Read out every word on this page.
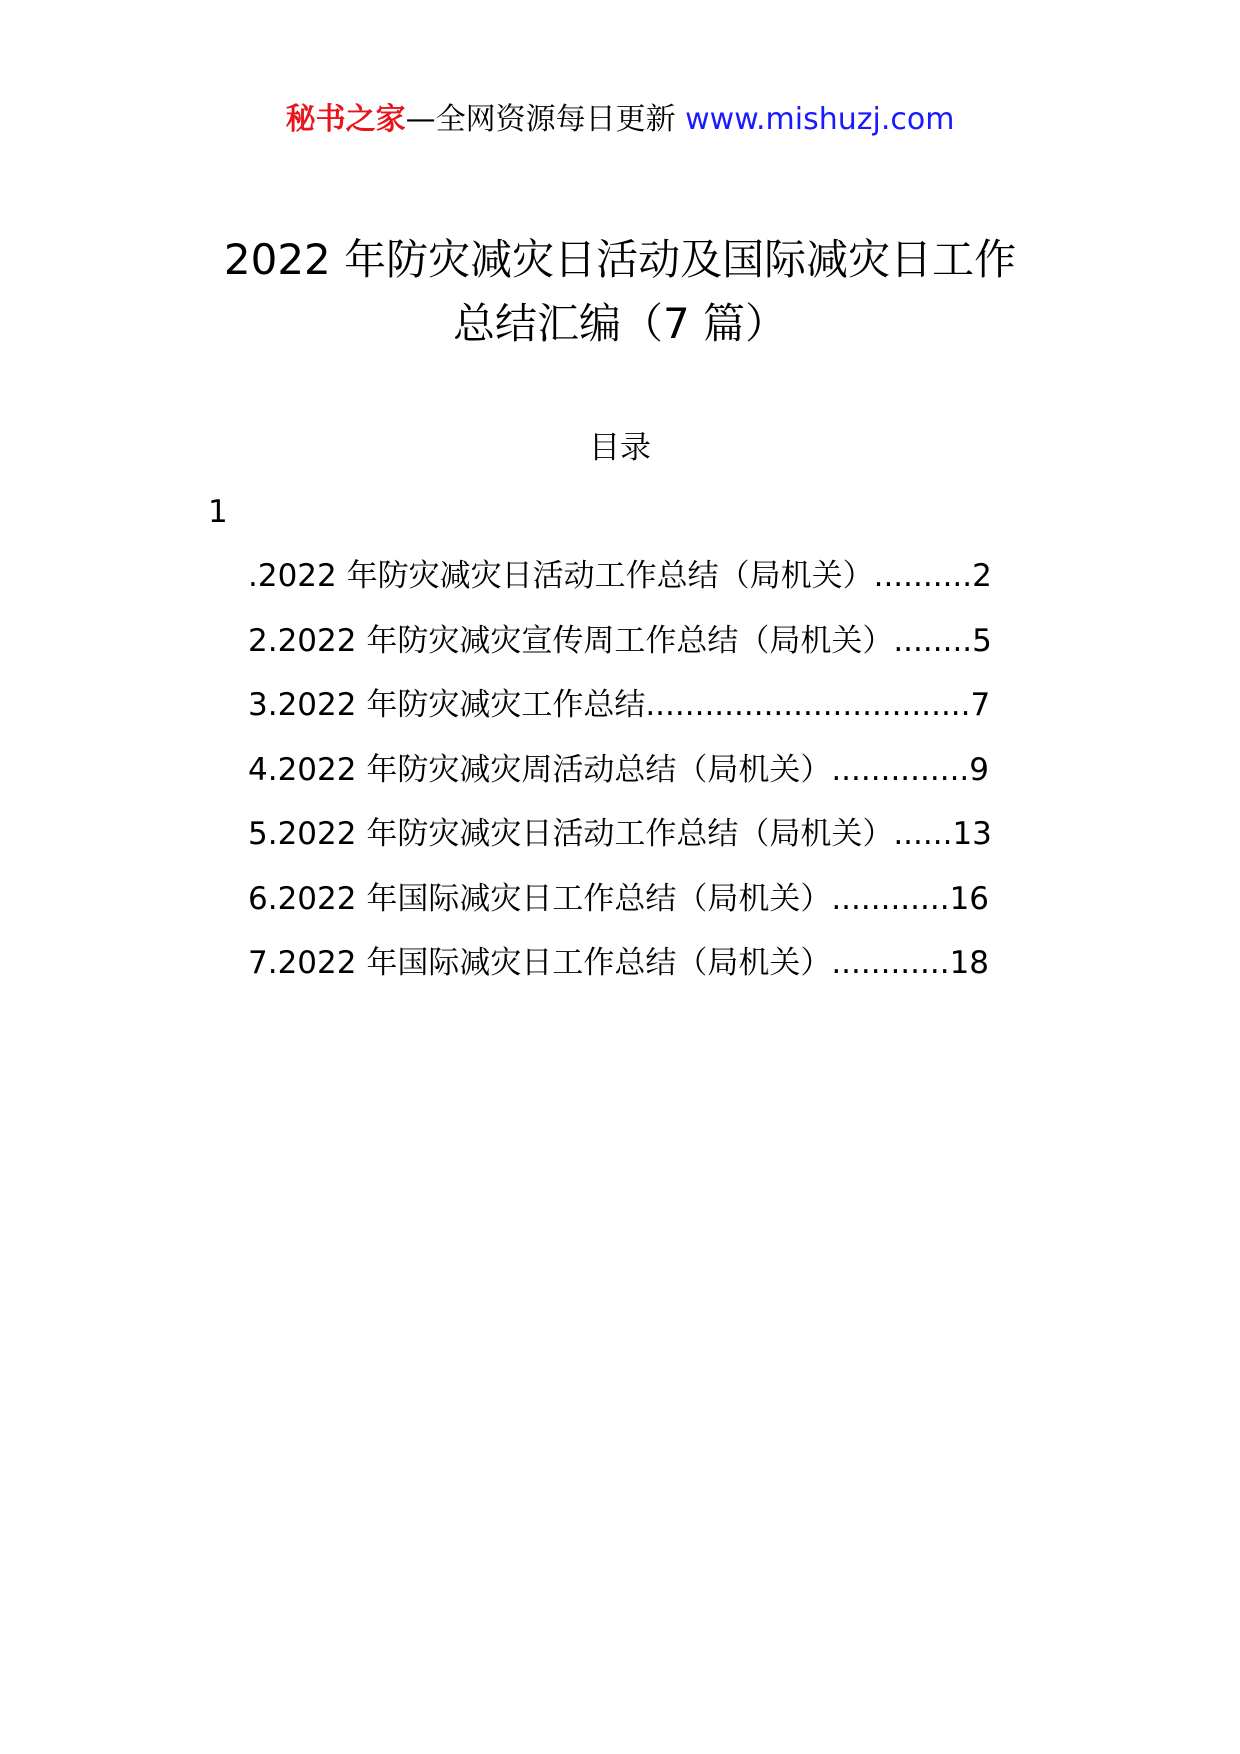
秘书之家—全网资源每日更新 www.mishuzj.com
2022 年防灾减灾日活动及国际减灾日工作
总结汇编（7 篇）
目录
1
.2022 年防灾减灾日活动工作总结（局机关）..........2
2.2022 年防灾减灾宣传周工作总结（局机关）........5
3.2022 年防灾减灾工作总结.................................7
4.2022 年防灾减灾周活动总结（局机关）..............9
5.2022 年防灾减灾日活动工作总结（局机关）......13
6.2022 年国际减灾日工作总结（局机关）............16
7.2022 年国际减灾日工作总结（局机关）............18
